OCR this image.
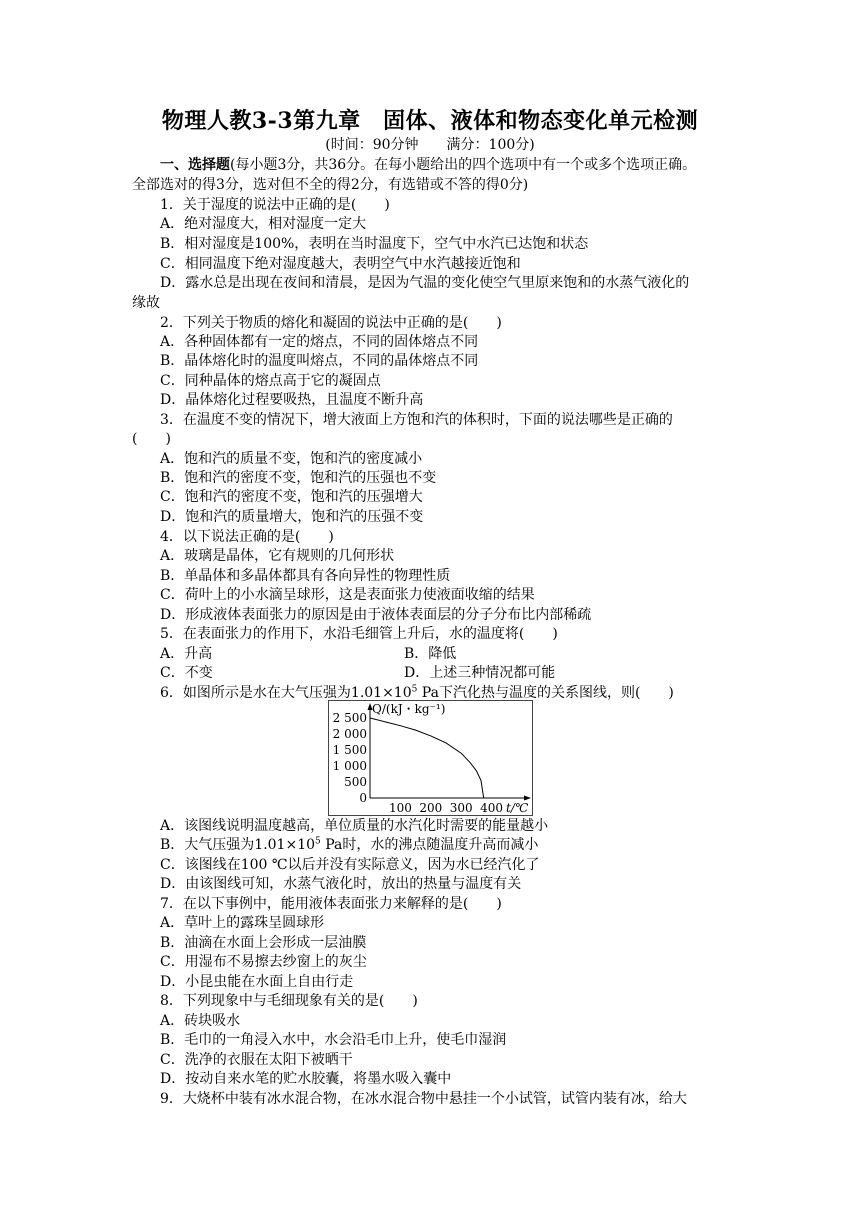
物理人教3-3第九章　固体、液体和物态变化单元检测
(时间：90分钟　　满分：100分)
一、选择题(每小题3分，共36分。在每小题给出的四个选项中有一个或多个选项正确。
全部选对的得3分，选对但不全的得2分，有选错或不答的得0分)
1．关于湿度的说法中正确的是(　　)
A．绝对湿度大，相对湿度一定大
B．相对湿度是100%，表明在当时温度下，空气中水汽已达饱和状态
C．相同温度下绝对湿度越大，表明空气中水汽越接近饱和
D．露水总是出现在夜间和清晨，是因为气温的变化使空气里原来饱和的水蒸气液化的
缘故
2．下列关于物质的熔化和凝固的说法中正确的是(　　)
A．各种固体都有一定的熔点，不同的固体熔点不同
B．晶体熔化时的温度叫熔点，不同的晶体熔点不同
C．同种晶体的熔点高于它的凝固点
D．晶体熔化过程要吸热，且温度不断升高
3．在温度不变的情况下，增大液面上方饱和汽的体积时，下面的说法哪些是正确的
(　　)
A．饱和汽的质量不变，饱和汽的密度减小
B．饱和汽的密度不变，饱和汽的压强也不变
C．饱和汽的密度不变，饱和汽的压强增大
D．饱和汽的质量增大，饱和汽的压强不变
4．以下说法正确的是(　　)
A．玻璃是晶体，它有规则的几何形状
B．单晶体和多晶体都具有各向异性的物理性质
C．荷叶上的小水滴呈球形，这是表面张力使液面收缩的结果
D．形成液体表面张力的原因是由于液体表面层的分子分布比内部稀疏
5．在表面张力的作用下，水沿毛细管上升后，水的温度将(　　)
A．升高	B．降低
C．不变	D．上述三种情况都可能
6．如图所示是水在大气压强为$1.01\times 10^5$ Pa下汽化热与温度的关系图线，则(　　)
Q/(kJ・kg⁻¹)
t/℃
2 500
2 000
1 500
1 000
500
0
100 200 300 400
A．该图线说明温度越高，单位质量的水汽化时需要的能量越小
B．大气压强为$1.01\times 10^5$ Pa时，水的沸点随温度升高而减小
C．该图线在100 ℃以后并没有实际意义，因为水已经汽化了
D．由该图线可知，水蒸气液化时，放出的热量与温度有关
7．在以下事例中，能用液体表面张力来解释的是(　　)
A．草叶上的露珠呈圆球形
B．油滴在水面上会形成一层油膜
C．用湿布不易擦去纱窗上的灰尘
D．小昆虫能在水面上自由行走
8．下列现象中与毛细现象有关的是(　　)
A．砖块吸水
B．毛巾的一角浸入水中，水会沿毛巾上升，使毛巾湿润
C．洗净的衣服在太阳下被晒干
D．按动自来水笔的贮水胶囊，将墨水吸入囊中
9．大烧杯中装有冰水混合物，在冰水混合物中悬挂一个小试管，试管内装有冰，给大
